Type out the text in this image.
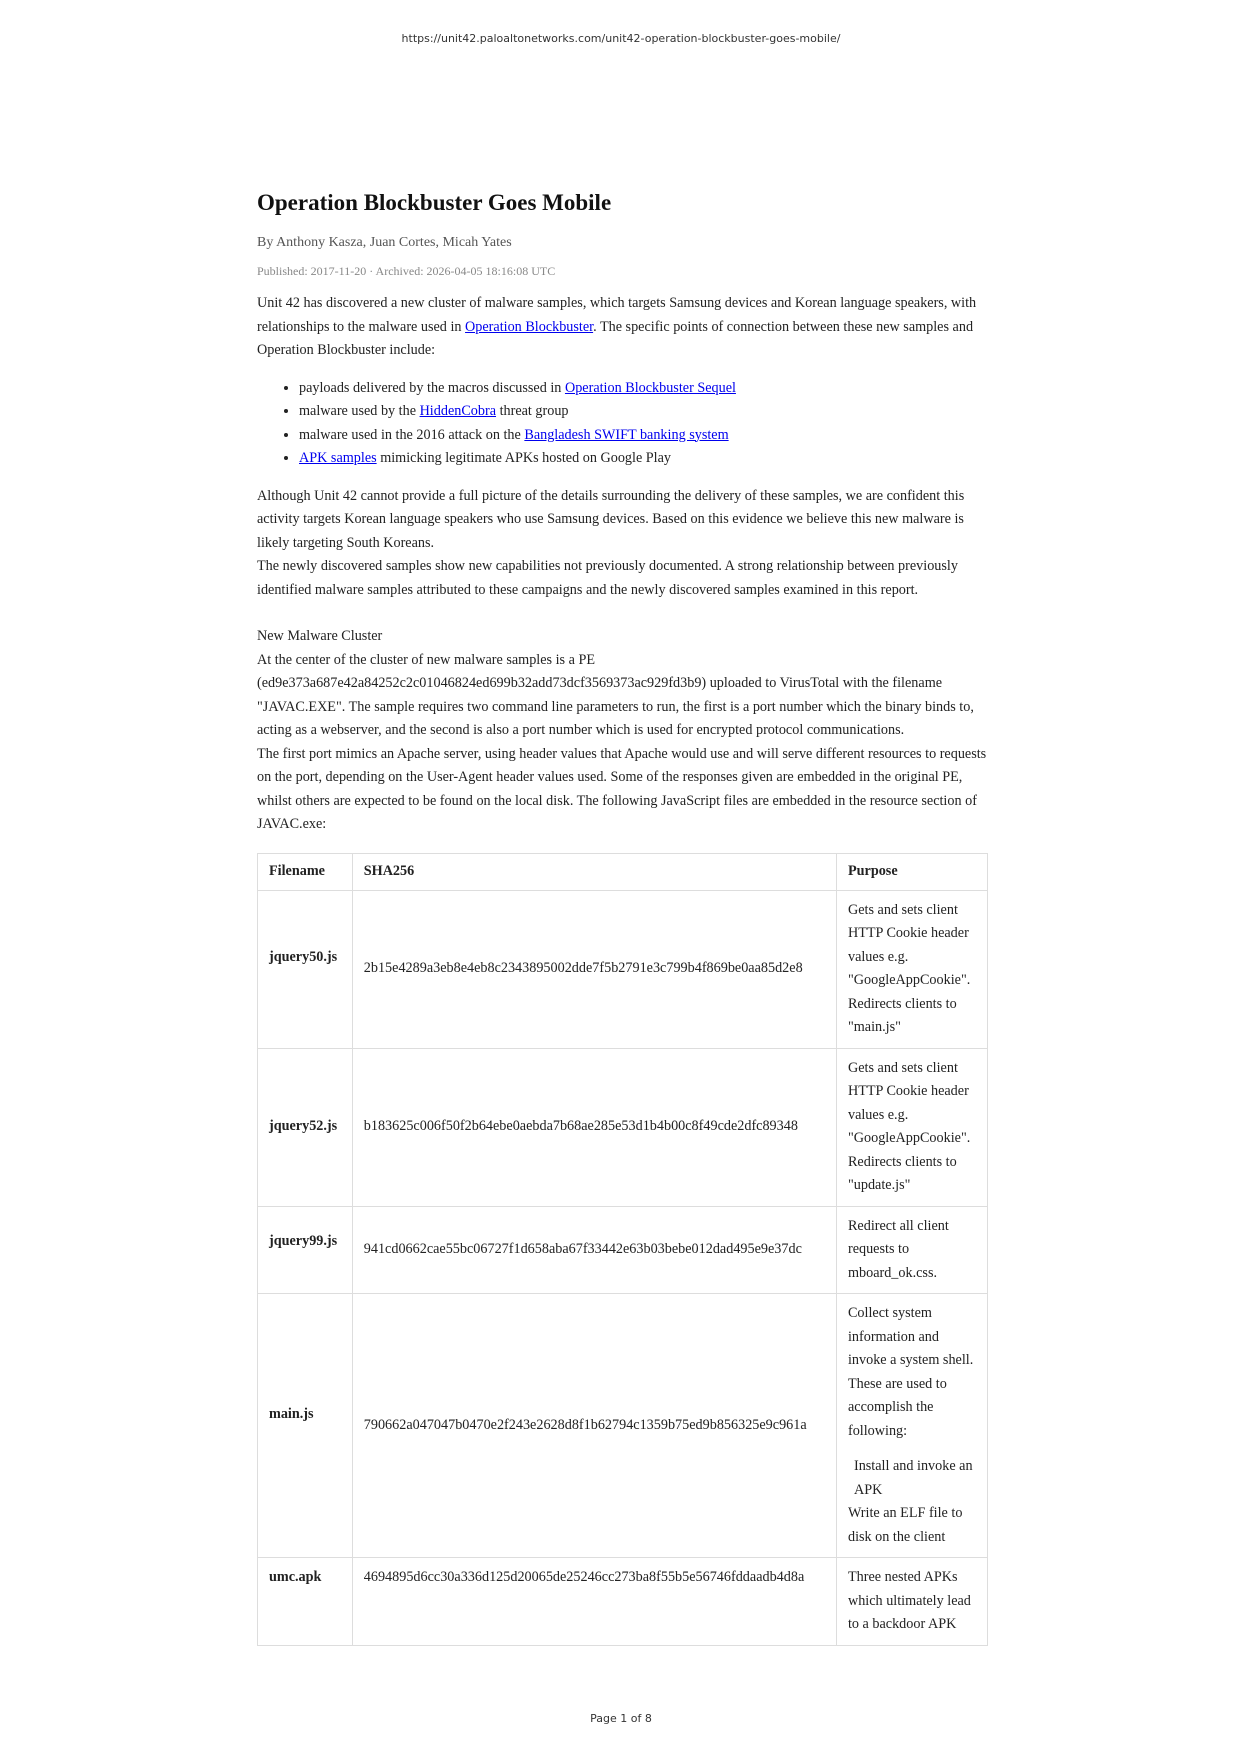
https://unit42.paloaltonetworks.com/unit42-operation-blockbuster-goes-mobile/
Operation Blockbuster Goes Mobile
By Anthony Kasza, Juan Cortes, Micah Yates
Published: 2017-11-20 · Archived: 2026-04-05 18:16:08 UTC

Unit 42 has discovered a new cluster of malware samples, which targets Samsung devices and Korean language speakers, with relationships to the malware used in Operation Blockbuster. The specific points of connection between these new samples and Operation Blockbuster include:

• payloads delivered by the macros discussed in Operation Blockbuster Sequel
• malware used by the HiddenCobra threat group
• malware used in the 2016 attack on the Bangladesh SWIFT banking system
• APK samples mimicking legitimate APKs hosted on Google Play

Although Unit 42 cannot provide a full picture of the details surrounding the delivery of these samples, we are confident this activity targets Korean language speakers who use Samsung devices. Based on this evidence we believe this new malware is likely targeting South Koreans.

The newly discovered samples show new capabilities not previously documented. A strong relationship between previously identified malware samples attributed to these campaigns and the newly discovered samples examined in this report.

New Malware Cluster

At the center of the cluster of new malware samples is a PE (ed9e373a687e42a84252c2c01046824ed699b32add73dcf3569373ac929fd3b9) uploaded to VirusTotal with the filename "JAVAC.EXE". The sample requires two command line parameters to run, the first is a port number which the binary binds to, acting as a webserver, and the second is also a port number which is used for encrypted protocol communications.

The first port mimics an Apache server, using header values that Apache would use and will serve different resources to requests on the port, depending on the User-Agent header values used. Some of the responses given are embedded in the original PE, whilst others are expected to be found on the local disk. The following JavaScript files are embedded in the resource section of JAVAC.exe:

Filename	SHA256	Purpose
jquery50.js	2b15e4289a3eb8e4eb8c2343895002dde7f5b2791e3c799b4f869be0aa85d2e8	Gets and sets client HTTP Cookie header values e.g. "GoogleAppCookie". Redirects clients to "main.js"
jquery52.js	b183625c006f50f2b64ebe0aebda7b68ae285e53d1b4b00c8f49cde2dfc89348	Gets and sets client HTTP Cookie header values e.g. "GoogleAppCookie". Redirects clients to "update.js"
jquery99.js	941cd0662cae55bc06727f1d658aba67f33442e63b03bebe012dad495e9e37dc	Redirect all client requests to mboard_ok.css.
main.js	790662a047047b0470e2f243e2628d8f1b62794c1359b75ed9b856325e9c961a	Collect system information and invoke a system shell. These are used to accomplish the following:
Install and invoke an APK
Write an ELF file to disk on the client

umc.apk	4694895d6cc30a336d125d20065de25246cc273ba8f55b5e56746fddaadb4d8a	Three nested APKs which ultimately lead to a backdoor APK
Page 1 of 8
